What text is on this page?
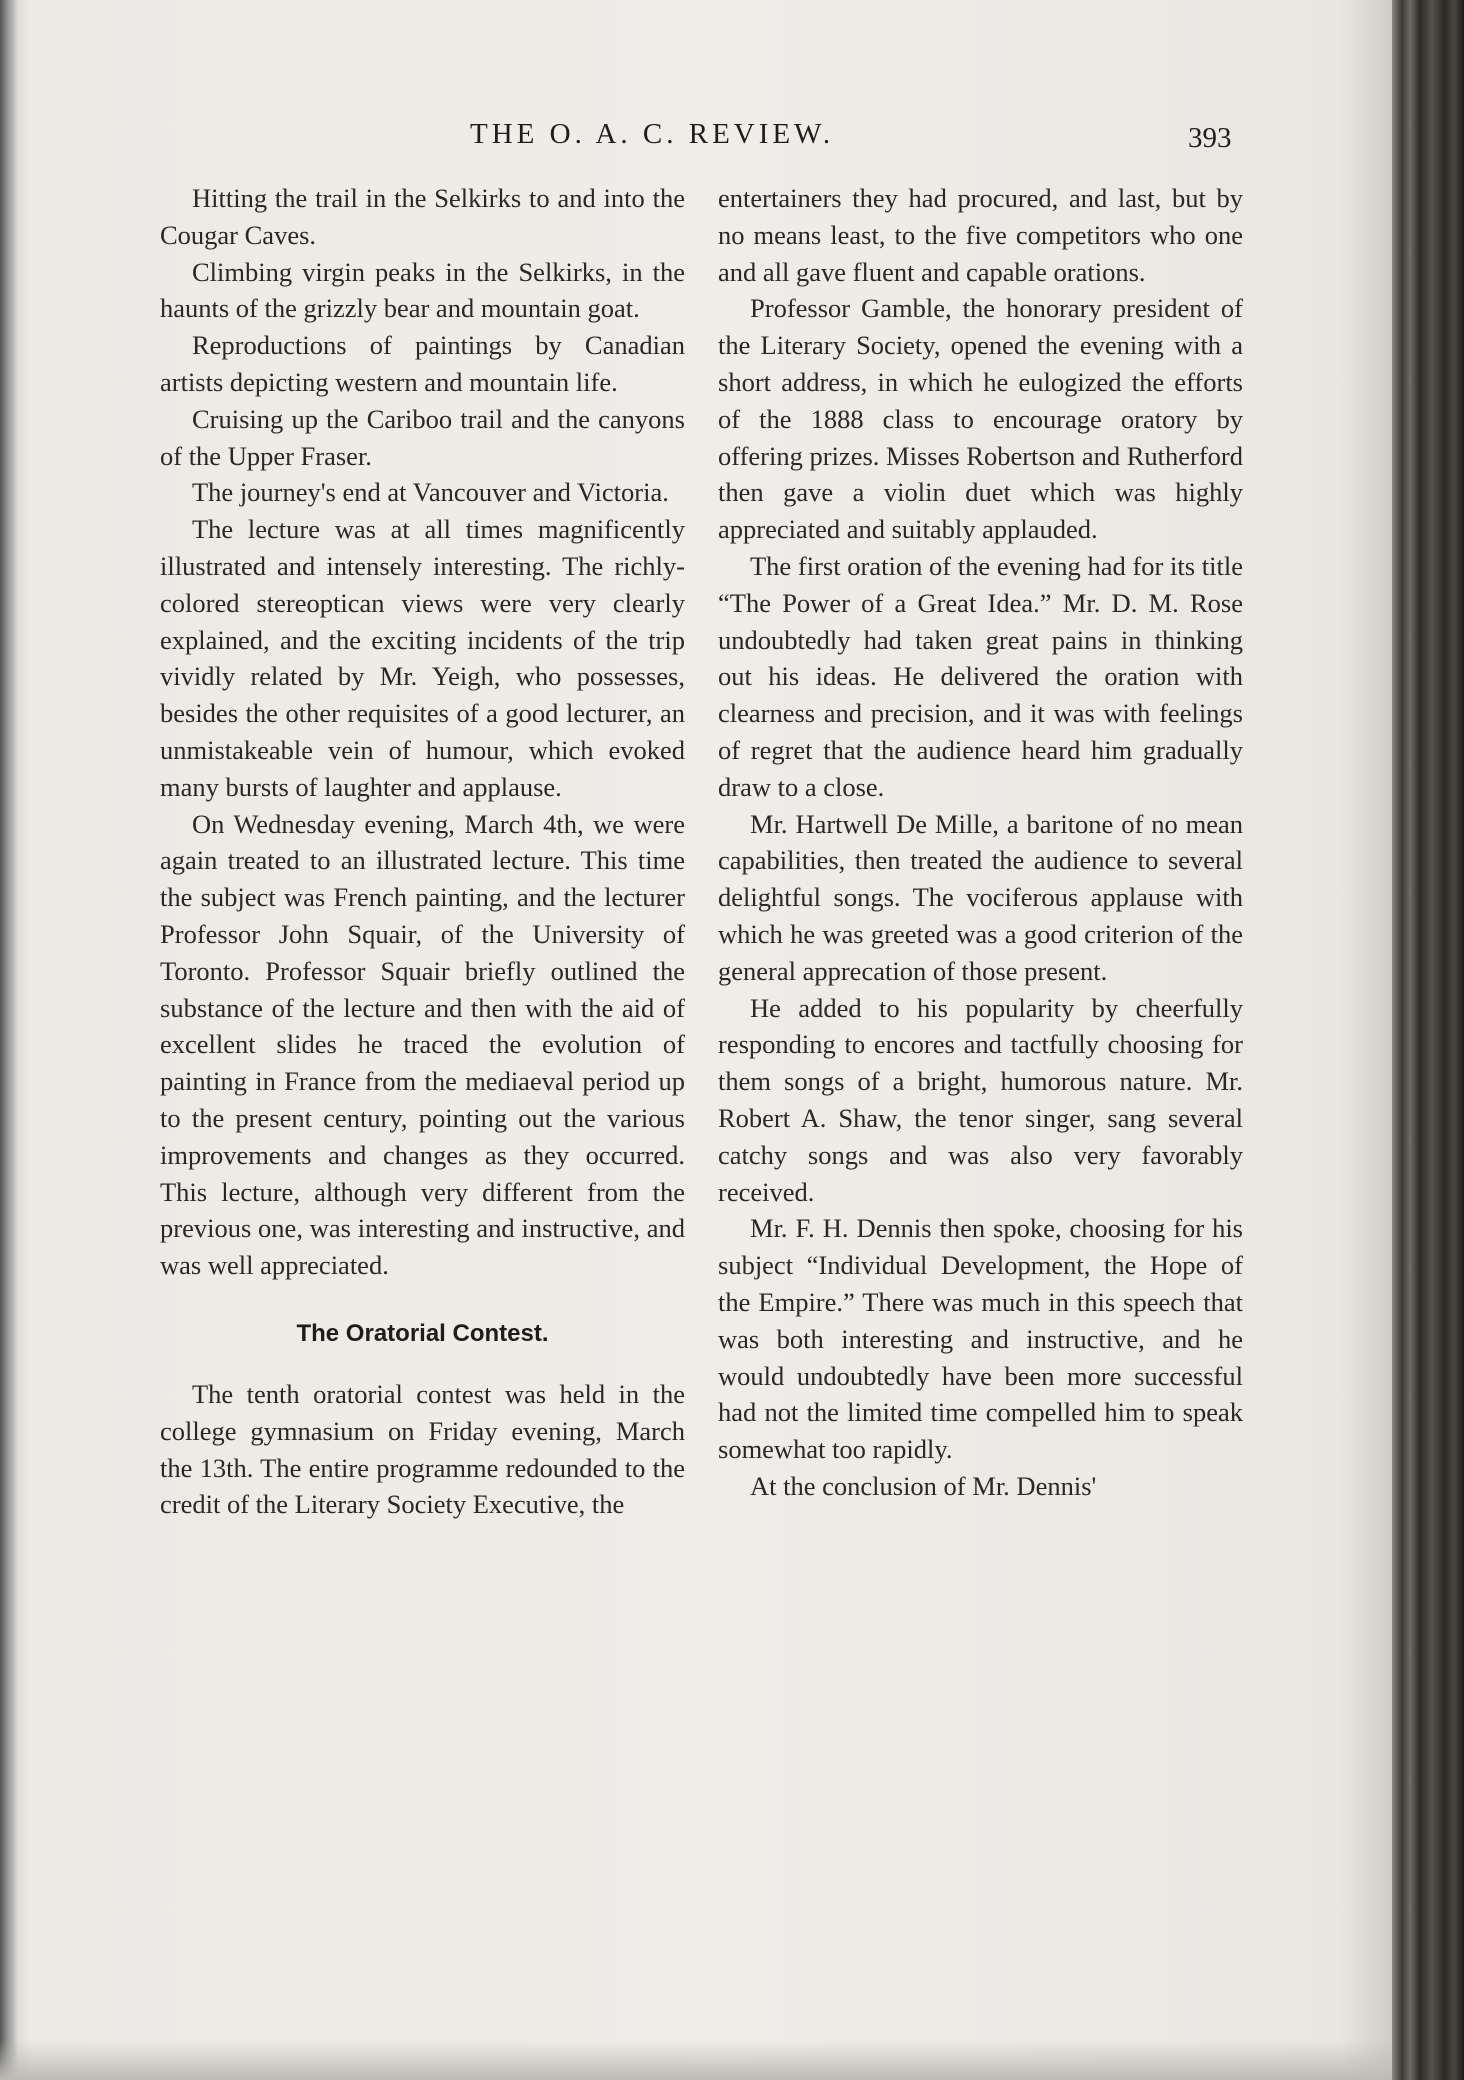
THE O. A. C. REVIEW.	393

Hitting the trail in the Selkirks to and into the Cougar Caves.

Climbing virgin peaks in the Selkirks, in the haunts of the grizzly bear and mountain goat.

Reproductions of paintings by Canadian artists depicting western and mountain life.

Cruising up the Cariboo trail and the canyons of the Upper Fraser.

The journey's end at Vancouver and Victoria.

The lecture was at all times magnificently illustrated and intensely interesting. The richly-colored stereoptican views were very clearly explained, and the exciting incidents of the trip vividly related by Mr. Yeigh, who possesses, besides the other requisites of a good lecturer, an unmistakeable vein of humour, which evoked many bursts of laughter and applause.

On Wednesday evening, March 4th, we were again treated to an illustrated lecture. This time the subject was French painting, and the lecturer Professor John Squair, of the University of Toronto. Professor Squair briefly outlined the substance of the lecture and then with the aid of excellent slides he traced the evolution of painting in France from the mediaeval period up to the present century, pointing out the various improvements and changes as they occurred. This lecture, although very different from the previous one, was interesting and instructive, and was well appreciated.

The Oratorial Contest.

The tenth oratorial contest was held in the college gymnasium on Friday evening, March the 13th. The entire programme redounded to the credit of the Literary Society Executive, the

entertainers they had procured, and last, but by no means least, to the five competitors who one and all gave fluent and capable orations.

Professor Gamble, the honorary president of the Literary Society, opened the evening with a short address, in which he eulogized the efforts of the 1888 class to encourage oratory by offering prizes. Misses Robertson and Rutherford then gave a violin duet which was highly appreciated and suitably applauded.

The first oration of the evening had for its title “The Power of a Great Idea.” Mr. D. M. Rose undoubtedly had taken great pains in thinking out his ideas. He delivered the oration with clearness and precision, and it was with feelings of regret that the audience heard him gradually draw to a close.

Mr. Hartwell De Mille, a baritone of no mean capabilities, then treated the audience to several delightful songs. The vociferous applause with which he was greeted was a good criterion of the general apprecation of those present.

He added to his popularity by cheerfully responding to encores and tactfully choosing for them songs of a bright, humorous nature. Mr. Robert A. Shaw, the tenor singer, sang several catchy songs and was also very favorably received.

Mr. F. H. Dennis then spoke, choosing for his subject “Individual Development, the Hope of the Empire.” There was much in this speech that was both interesting and instructive, and he would undoubtedly have been more successful had not the limited time compelled him to speak somewhat too rapidly.

At the conclusion of Mr. Dennis'
